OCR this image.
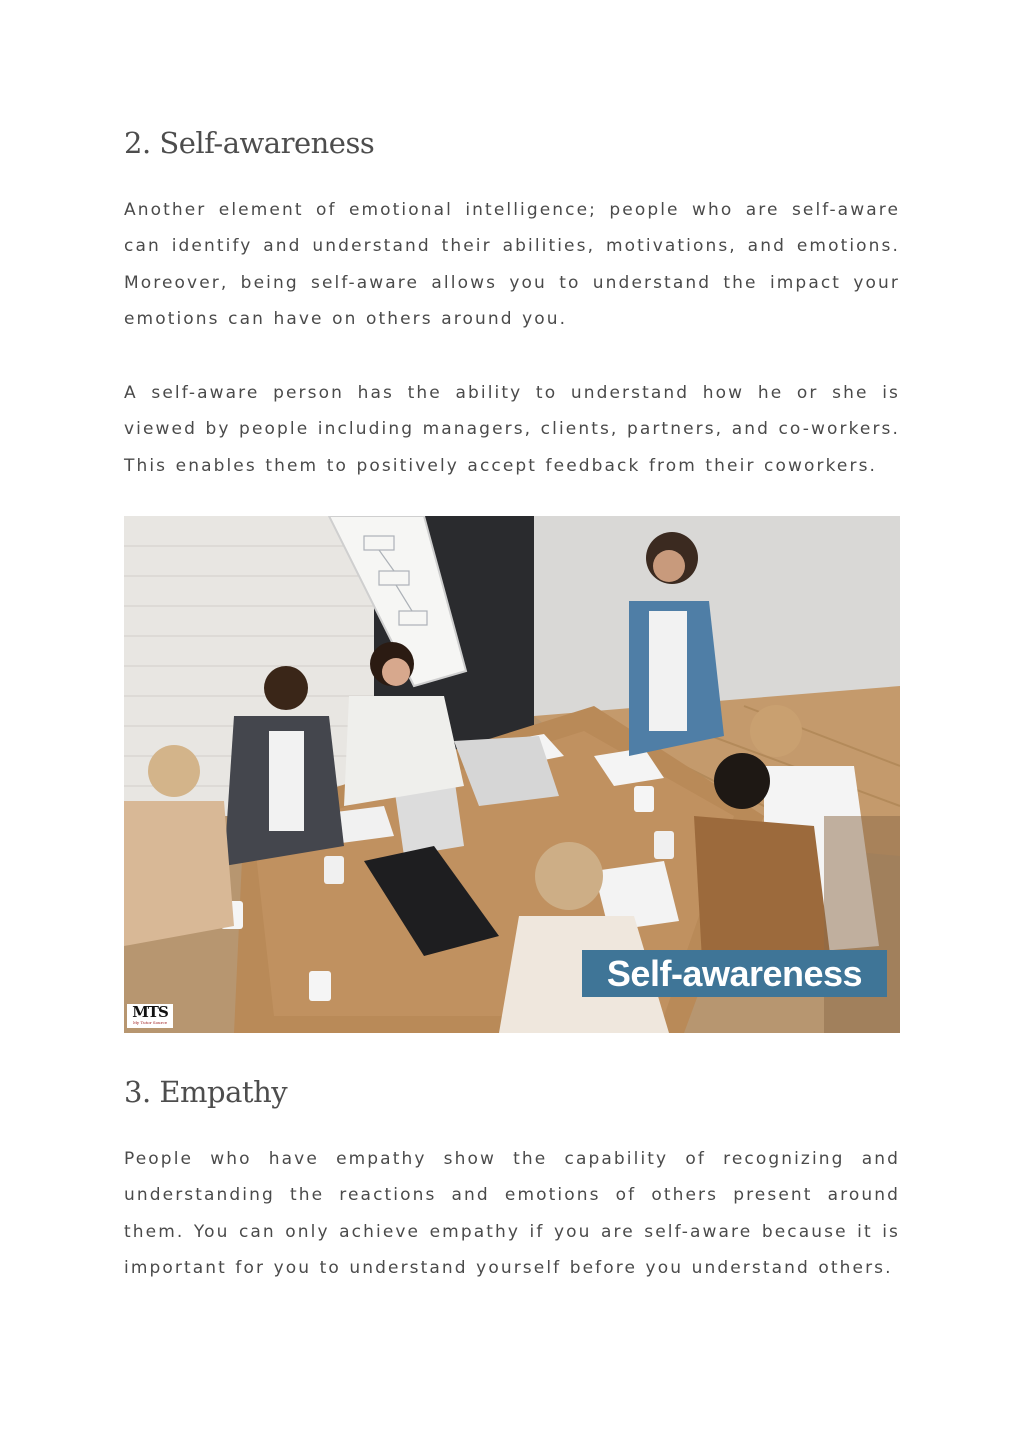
2. Self-awareness

Another element of emotional intelligence; people who are self-aware can identify and understand their abilities, motivations, and emotions. Moreover, being self-aware allows you to understand the impact your emotions can have on others around you.

A self-aware person has the ability to understand how he or she is viewed by people including managers, clients, partners, and co-workers. This enables them to positively accept feedback from their coworkers.

Self-awareness
MTS
My Tutor Source
3. Empathy

People who have empathy show the capability of recognizing and understanding the reactions and emotions of others present around them. You can only achieve empathy if you are self-aware because it is important for you to understand yourself before you understand others.
